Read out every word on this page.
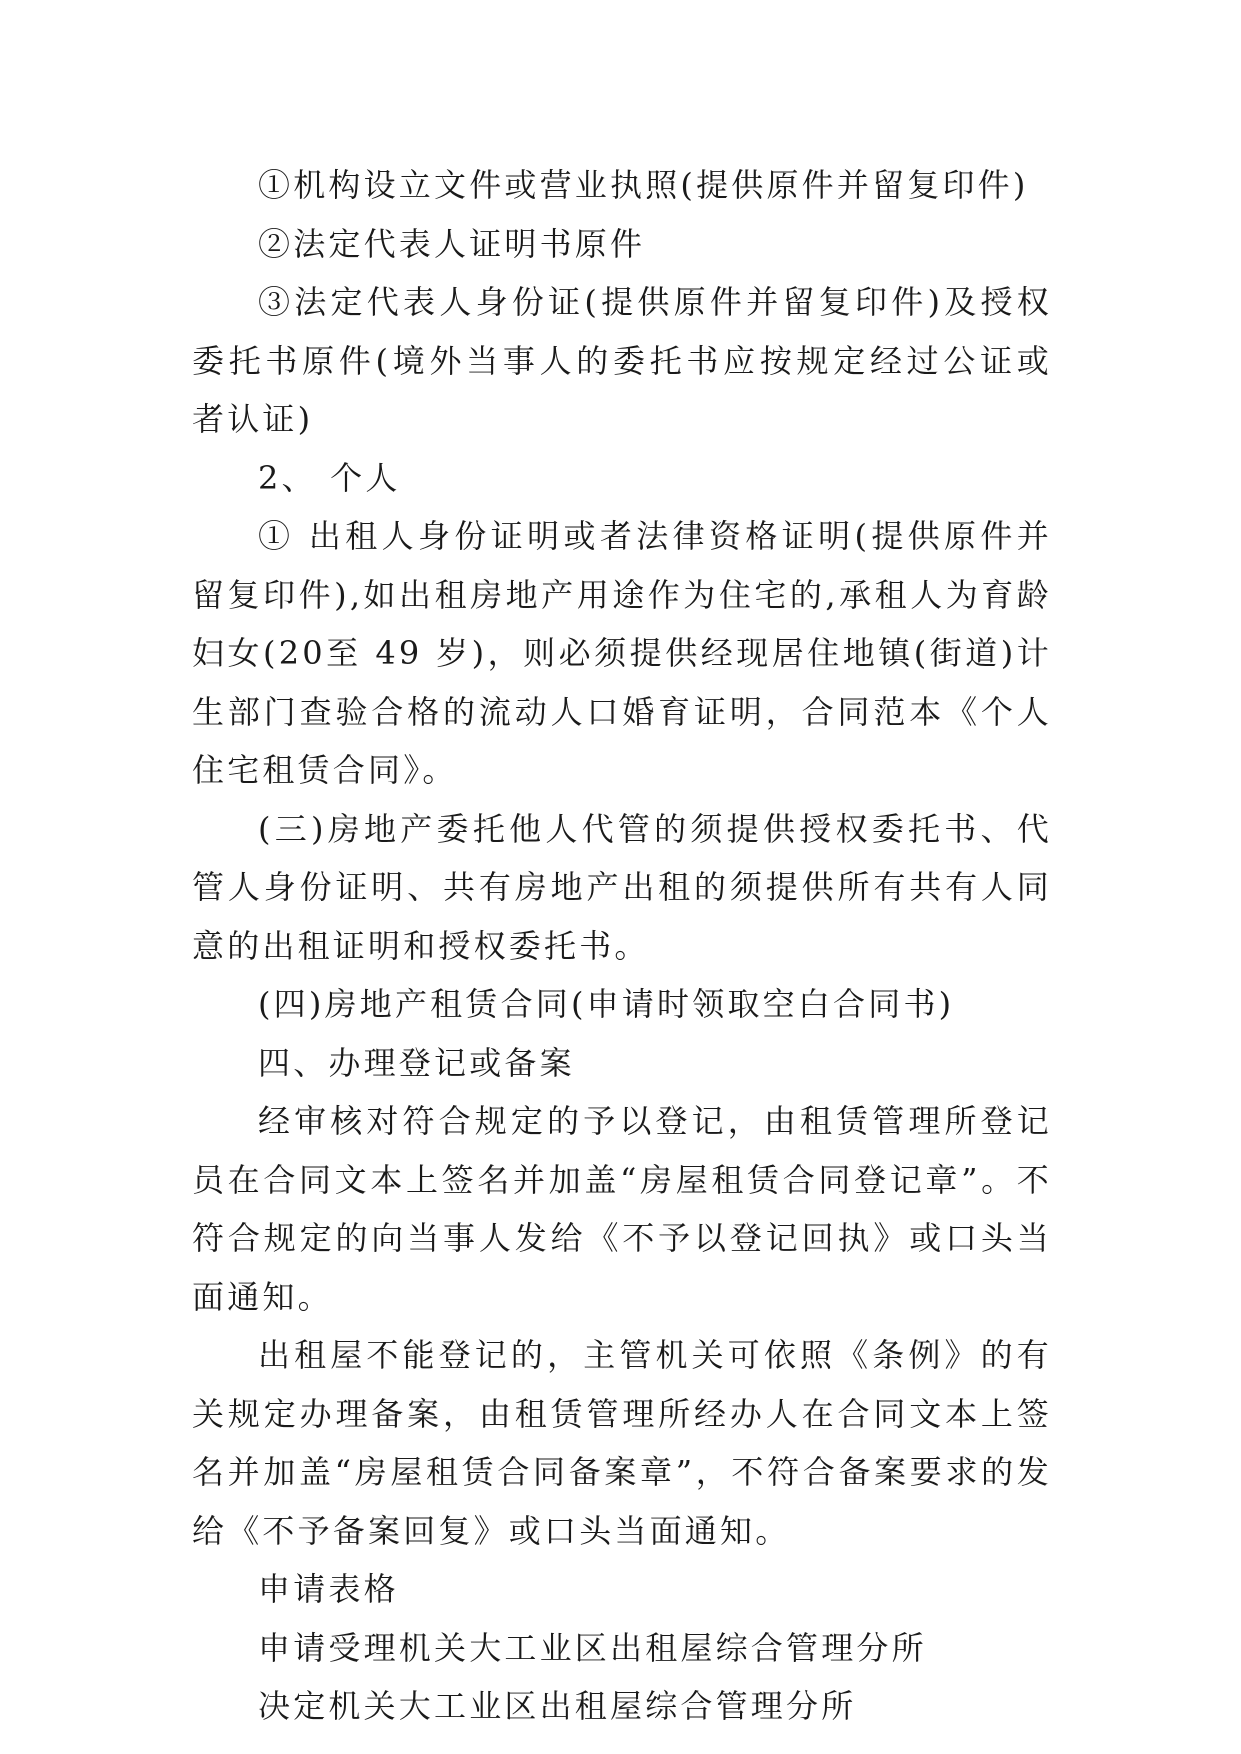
①机构设立文件或营业执照(提供原件并留复印件)

②法定代表人证明书原件

③法定代表人身份证(提供原件并留复印件)及授权委托书原件(境外当事人的委托书应按规定经过公证或者认证)

2、 个人

① 出租人身份证明或者法律资格证明(提供原件并留复印件),如出租房地产用途作为住宅的,承租人为育龄妇女(20至 49 岁)，则必须提供经现居住地镇(街道)计生部门查验合格的流动人口婚育证明，合同范本《个人住宅租赁合同》。

(三)房地产委托他人代管的须提供授权委托书、代管人身份证明、共有房地产出租的须提供所有共有人同意的出租证明和授权委托书。

(四)房地产租赁合同(申请时领取空白合同书)

四、办理登记或备案

经审核对符合规定的予以登记，由租赁管理所登记员在合同文本上签名并加盖“房屋租赁合同登记章”。不符合规定的向当事人发给《不予以登记回执》或口头当面通知。

出租屋不能登记的，主管机关可依照《条例》的有关规定办理备案，由租赁管理所经办人在合同文本上签名并加盖“房屋租赁合同备案章”，不符合备案要求的发给《不予备案回复》或口头当面通知。

申请表格

申请受理机关大工业区出租屋综合管理分所

决定机关大工业区出租屋综合管理分所
